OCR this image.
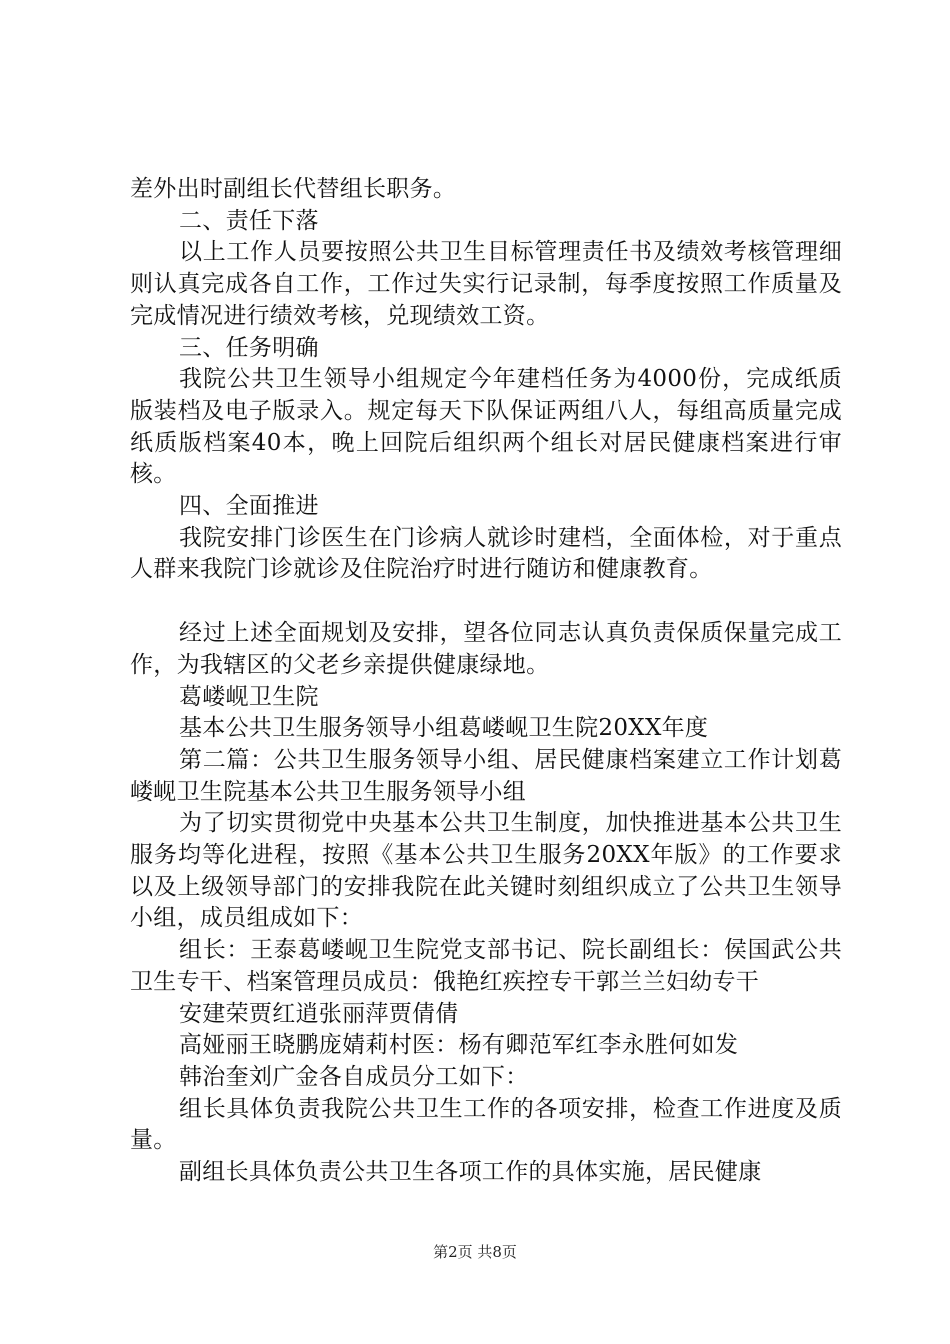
差外出时副组长代替组长职务。

二、责任下落

以上工作人员要按照公共卫生目标管理责任书及绩效考核管理细则认真完成各自工作，工作过失实行记录制，每季度按照工作质量及完成情况进行绩效考核，兑现绩效工资。

三、任务明确

我院公共卫生领导小组规定今年建档任务为4000份，完成纸质版装档及电子版录入。规定每天下队保证两组八人，每组高质量完成纸质版档案40本，晚上回院后组织两个组长对居民健康档案进行审核。

四、全面推进

我院安排门诊医生在门诊病人就诊时建档，全面体检，对于重点人群来我院门诊就诊及住院治疗时进行随访和健康教育。

经过上述全面规划及安排，望各位同志认真负责保质保量完成工作，为我辖区的父老乡亲提供健康绿地。

葛嵝岘卫生院

基本公共卫生服务领导小组葛嵝岘卫生院20XX年度

第二篇：公共卫生服务领导小组、居民健康档案建立工作计划葛嵝岘卫生院基本公共卫生服务领导小组

为了切实贯彻党中央基本公共卫生制度，加快推进基本公共卫生服务均等化进程，按照《基本公共卫生服务20XX年版》的工作要求以及上级领导部门的安排我院在此关键时刻组织成立了公共卫生领导小组，成员组成如下：

组长：王泰葛嵝岘卫生院党支部书记、院长副组长：侯国武公共卫生专干、档案管理员成员：俄艳红疾控专干郭兰兰妇幼专干

安建荣贾红逍张丽萍贾倩倩

高娅丽王晓鹏庞婧莉村医：杨有卿范军红李永胜何如发

韩治奎刘广金各自成员分工如下：

组长具体负责我院公共卫生工作的各项安排，检查工作进度及质量。

副组长具体负责公共卫生各项工作的具体实施，居民健康

第2页 共8页
